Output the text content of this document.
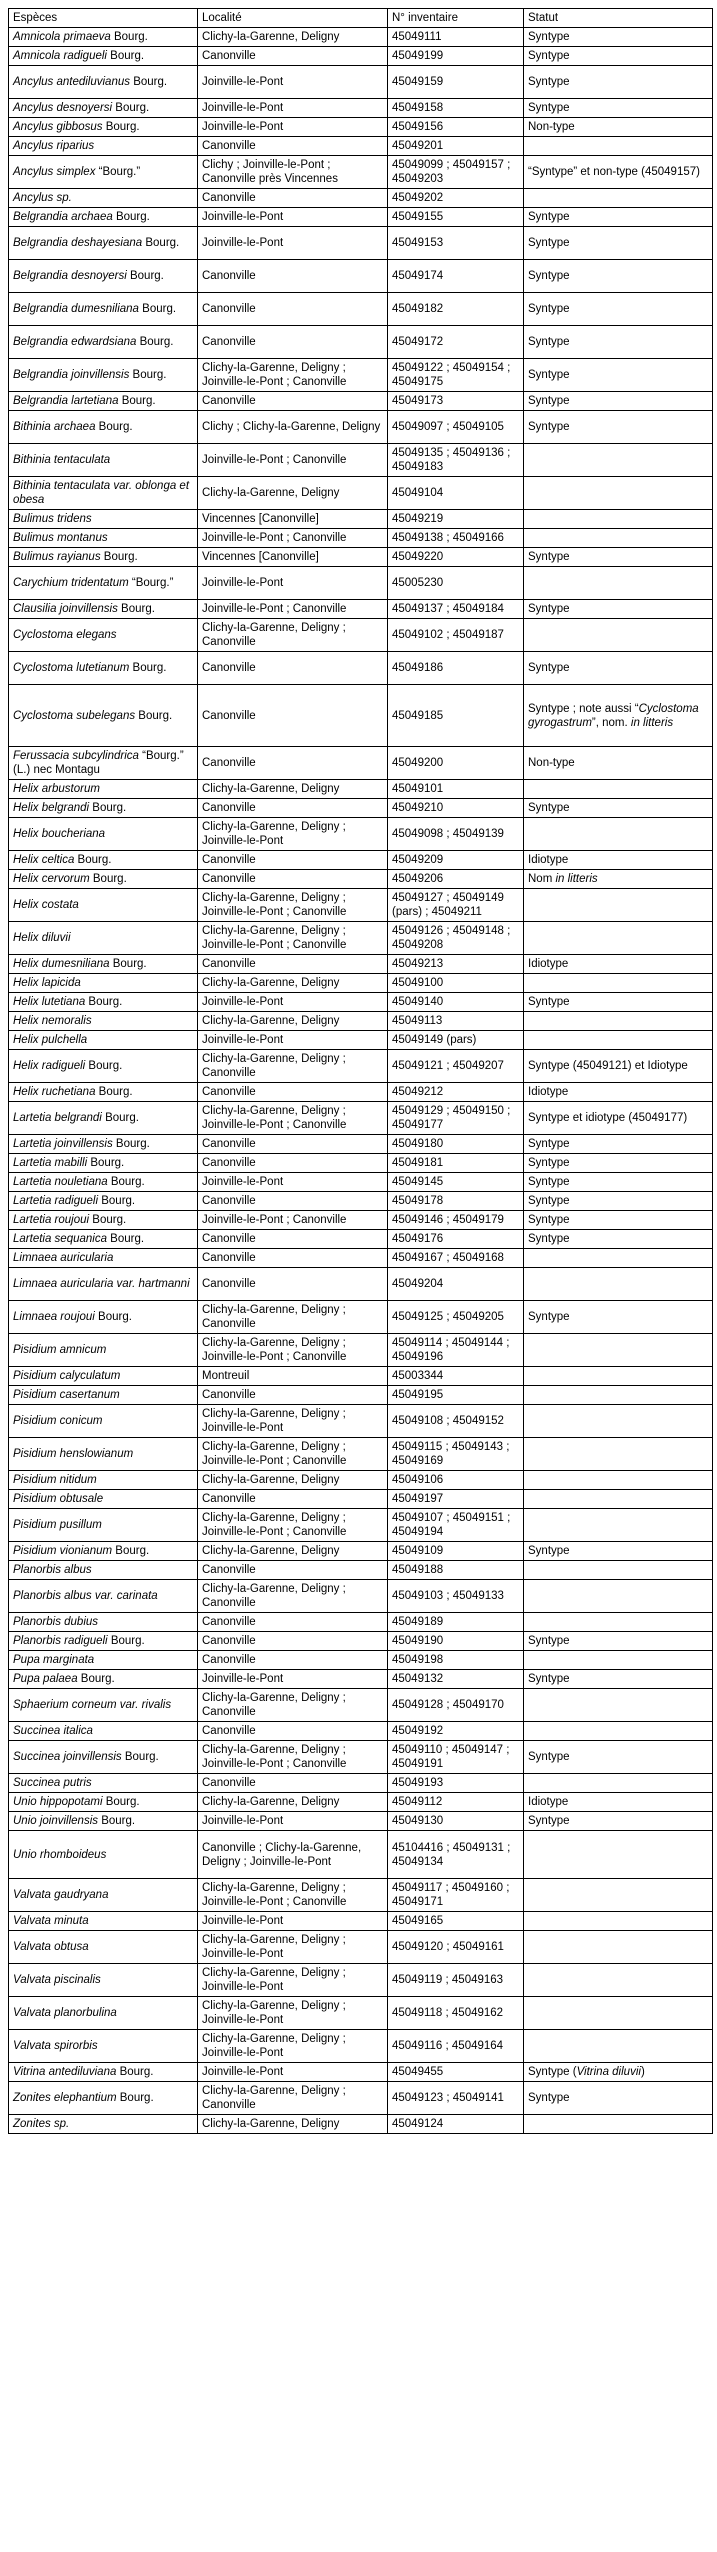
Espèces	Localité	N° inventaire	Statut
Amnicola primaeva Bourg.	Clichy-la-Garenne, Deligny	45049111	Syntype
Amnicola radigueli Bourg.	Canonville	45049199	Syntype
Ancylus antediluvianus Bourg.	Joinville-le-Pont	45049159	Syntype
Ancylus desnoyersi Bourg.	Joinville-le-Pont	45049158	Syntype
Ancylus gibbosus Bourg.	Joinville-le-Pont	45049156	Non-type
Ancylus riparius	Canonville	45049201	
Ancylus simplex “Bourg.”	Clichy ; Joinville-le-Pont ; Canonville près Vincennes	45049099 ; 45049157 ; 45049203	“Syntype” et non-type (45049157)
Ancylus sp.	Canonville	45049202	
Belgrandia archaea Bourg.	Joinville-le-Pont	45049155	Syntype
Belgrandia deshayesiana Bourg.	Joinville-le-Pont	45049153	Syntype
Belgrandia desnoyersi Bourg.	Canonville	45049174	Syntype
Belgrandia dumesniliana Bourg.	Canonville	45049182	Syntype
Belgrandia edwardsiana Bourg.	Canonville	45049172	Syntype
Belgrandia joinvillensis Bourg.	Clichy-la-Garenne, Deligny ; Joinville-le-Pont ; Canonville	45049122 ; 45049154 ; 45049175	Syntype
Belgrandia lartetiana Bourg.	Canonville	45049173	Syntype
Bithinia archaea Bourg.	Clichy ; Clichy-la-Garenne, Deligny	45049097 ; 45049105	Syntype
Bithinia tentaculata	Joinville-le-Pont ; Canonville	45049135 ; 45049136 ; 45049183	
Bithinia tentaculata var. oblonga et obesa	Clichy-la-Garenne, Deligny	45049104	
Bulimus tridens	Vincennes [Canonville]	45049219	
Bulimus montanus	Joinville-le-Pont ; Canonville	45049138 ; 45049166	
Bulimus rayianus Bourg.	Vincennes [Canonville]	45049220	Syntype
Carychium tridentatum “Bourg.”	Joinville-le-Pont	45005230	
Clausilia joinvillensis Bourg.	Joinville-le-Pont ; Canonville	45049137 ; 45049184	Syntype
Cyclostoma elegans	Clichy-la-Garenne, Deligny ; Canonville	45049102 ; 45049187	
Cyclostoma lutetianum Bourg.	Canonville	45049186	Syntype
Cyclostoma subelegans Bourg.	Canonville	45049185	Syntype ; note aussi “Cyclostoma gyrogastrum”, nom. in litteris
Ferussacia subcylindrica “Bourg.” (L.) nec Montagu	Canonville	45049200	Non-type
Helix arbustorum	Clichy-la-Garenne, Deligny	45049101	
Helix belgrandi Bourg.	Canonville	45049210	Syntype
Helix boucheriana	Clichy-la-Garenne, Deligny ; Joinville-le-Pont	45049098 ; 45049139	
Helix celtica Bourg.	Canonville	45049209	Idiotype
Helix cervorum Bourg.	Canonville	45049206	Nom in litteris
Helix costata	Clichy-la-Garenne, Deligny ; Joinville-le-Pont ; Canonville	45049127 ; 45049149 (pars) ; 45049211	
Helix diluvii	Clichy-la-Garenne, Deligny ; Joinville-le-Pont ; Canonville	45049126 ; 45049148 ; 45049208	
Helix dumesniliana Bourg.	Canonville	45049213	Idiotype
Helix lapicida	Clichy-la-Garenne, Deligny	45049100	
Helix lutetiana Bourg.	Joinville-le-Pont	45049140	Syntype
Helix nemoralis	Clichy-la-Garenne, Deligny	45049113	
Helix pulchella	Joinville-le-Pont	45049149 (pars)	
Helix radigueli Bourg.	Clichy-la-Garenne, Deligny ; Canonville	45049121 ; 45049207	Syntype (45049121) et Idiotype
Helix ruchetiana Bourg.	Canonville	45049212	Idiotype
Lartetia belgrandi Bourg.	Clichy-la-Garenne, Deligny ; Joinville-le-Pont ; Canonville	45049129 ; 45049150 ; 45049177	Syntype et idiotype (45049177)
Lartetia joinvillensis Bourg.	Canonville	45049180	Syntype
Lartetia mabilli Bourg.	Canonville	45049181	Syntype
Lartetia nouletiana Bourg.	Joinville-le-Pont	45049145	Syntype
Lartetia radigueli Bourg.	Canonville	45049178	Syntype
Lartetia roujoui Bourg.	Joinville-le-Pont ; Canonville	45049146 ; 45049179	Syntype
Lartetia sequanica Bourg.	Canonville	45049176	Syntype
Limnaea auricularia	Canonville	45049167 ; 45049168	
Limnaea auricularia var. hartmanni	Canonville	45049204	
Limnaea roujoui Bourg.	Clichy-la-Garenne, Deligny ; Canonville	45049125 ; 45049205	Syntype
Pisidium amnicum	Clichy-la-Garenne, Deligny ; Joinville-le-Pont ; Canonville	45049114 ; 45049144 ; 45049196	
Pisidium calyculatum	Montreuil	45003344	
Pisidium casertanum	Canonville	45049195	
Pisidium conicum	Clichy-la-Garenne, Deligny ; Joinville-le-Pont	45049108 ; 45049152	
Pisidium henslowianum	Clichy-la-Garenne, Deligny ; Joinville-le-Pont ; Canonville	45049115 ; 45049143 ; 45049169	
Pisidium nitidum	Clichy-la-Garenne, Deligny	45049106	
Pisidium obtusale	Canonville	45049197	
Pisidium pusillum	Clichy-la-Garenne, Deligny ; Joinville-le-Pont ; Canonville	45049107 ; 45049151 ; 45049194	
Pisidium vionianum Bourg.	Clichy-la-Garenne, Deligny	45049109	Syntype
Planorbis albus	Canonville	45049188	
Planorbis albus var. carinata	Clichy-la-Garenne, Deligny ; Canonville	45049103 ; 45049133	
Planorbis dubius	Canonville	45049189	
Planorbis radigueli Bourg.	Canonville	45049190	Syntype
Pupa marginata	Canonville	45049198	
Pupa palaea Bourg.	Joinville-le-Pont	45049132	Syntype
Sphaerium corneum var. rivalis	Clichy-la-Garenne, Deligny ; Canonville	45049128 ; 45049170	
Succinea italica	Canonville	45049192	
Succinea joinvillensis Bourg.	Clichy-la-Garenne, Deligny ; Joinville-le-Pont ; Canonville	45049110 ; 45049147 ; 45049191	Syntype
Succinea putris	Canonville	45049193	
Unio hippopotami Bourg.	Clichy-la-Garenne, Deligny	45049112	Idiotype
Unio joinvillensis Bourg.	Joinville-le-Pont	45049130	Syntype
Unio rhomboideus	Canonville ; Clichy-la-Garenne, Deligny ; Joinville-le-Pont	45104416 ; 45049131 ; 45049134	
Valvata gaudryana	Clichy-la-Garenne, Deligny ; Joinville-le-Pont ; Canonville	45049117 ; 45049160 ; 45049171	
Valvata minuta	Joinville-le-Pont	45049165	
Valvata obtusa	Clichy-la-Garenne, Deligny ; Joinville-le-Pont	45049120 ; 45049161	
Valvata piscinalis	Clichy-la-Garenne, Deligny ; Joinville-le-Pont	45049119 ; 45049163	
Valvata planorbulina	Clichy-la-Garenne, Deligny ; Joinville-le-Pont	45049118 ; 45049162	
Valvata spirorbis	Clichy-la-Garenne, Deligny ; Joinville-le-Pont	45049116 ; 45049164	
Vitrina antediluviana Bourg.	Joinville-le-Pont	45049455	Syntype (Vitrina diluvii)
Zonites elephantium Bourg.	Clichy-la-Garenne, Deligny ; Canonville	45049123 ; 45049141	Syntype
Zonites sp.	Clichy-la-Garenne, Deligny	45049124	
